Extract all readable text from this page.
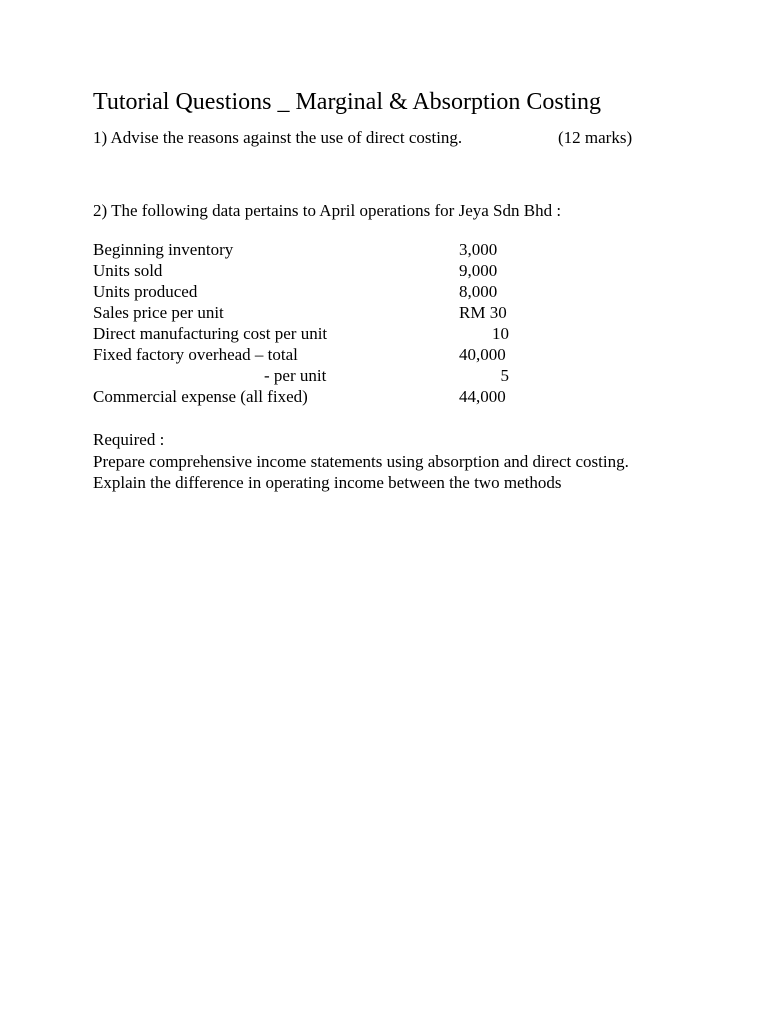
Tutorial Questions _ Marginal & Absorption Costing
1) Advise the reasons against the use of direct costing.	(12 marks)
2) The following data pertains to April operations for Jeya Sdn Bhd :
Beginning inventory	3,000
Units sold	9,000
Units produced	8,000
Sales price per unit	RM 30
Direct manufacturing cost per unit	10
Fixed factory overhead – total	40,000
- per unit	5
Commercial expense (all fixed)	44,000
Required :
Prepare comprehensive income statements using absorption and direct costing.
Explain the difference in operating income between the two methods
